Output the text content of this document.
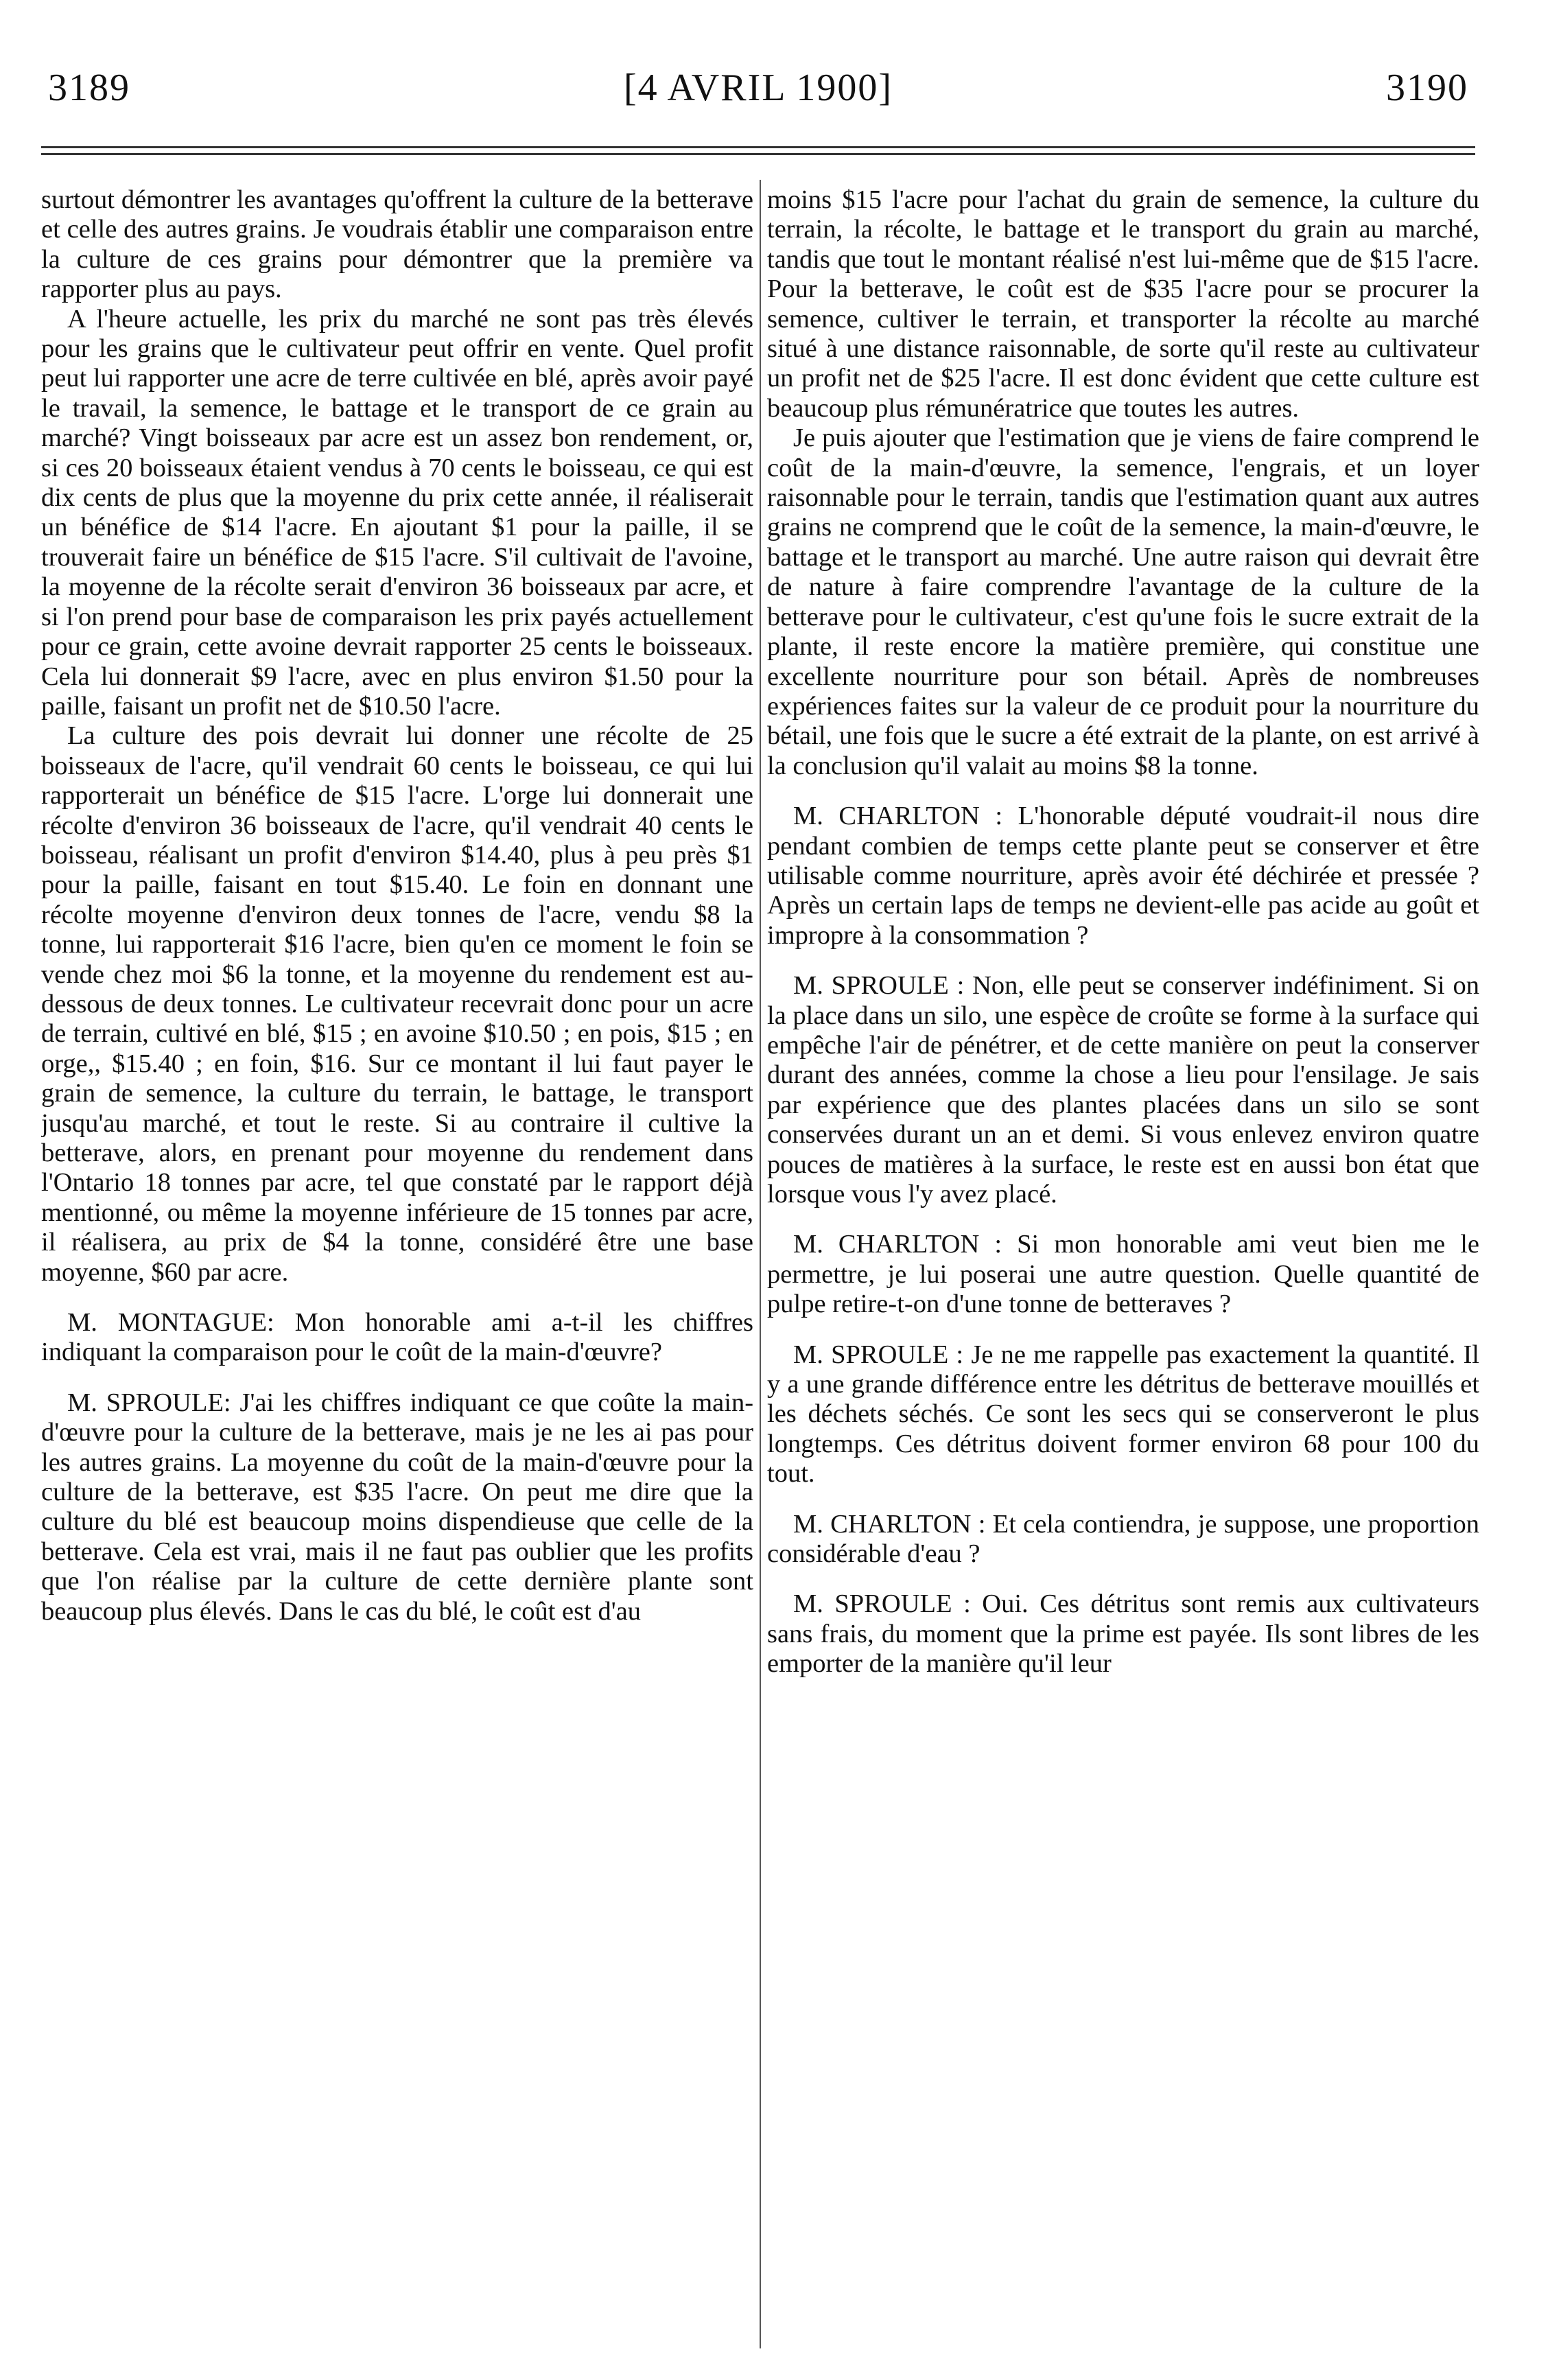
3189	[4 AVRIL 1900]	3190

surtout démontrer les avantages qu'offrent la culture de la betterave et celle des autres grains. Je voudrais établir une comparaison entre la culture de ces grains pour démontrer que la première va rapporter plus au pays.

A l'heure actuelle, les prix du marché ne sont pas très élevés pour les grains que le cultivateur peut offrir en vente. Quel profit peut lui rapporter une acre de terre cultivée en blé, après avoir payé le travail, la semence, le battage et le transport de ce grain au marché? Vingt boisseaux par acre est un assez bon rendement, or, si ces 20 boisseaux étaient vendus à 70 cents le boisseau, ce qui est dix cents de plus que la moyenne du prix cette année, il réaliserait un bénéfice de $14 l'acre. En ajoutant $1 pour la paille, il se trouverait faire un bénéfice de $15 l'acre. S'il cultivait de l'avoine, la moyenne de la récolte serait d'environ 36 boisseaux par acre, et si l'on prend pour base de comparaison les prix payés actuellement pour ce grain, cette avoine devrait rapporter 25 cents le boisseaux. Cela lui donnerait $9 l'acre, avec en plus environ $1.50 pour la paille, faisant un profit net de $10.50 l'acre.

La culture des pois devrait lui donner une récolte de 25 boisseaux de l'acre, qu'il vendrait 60 cents le boisseau, ce qui lui rapporterait un bénéfice de $15 l'acre. L'orge lui donnerait une récolte d'environ 36 boisseaux de l'acre, qu'il vendrait 40 cents le boisseau, réalisant un profit d'environ $14.40, plus à peu près $1 pour la paille, faisant en tout $15.40. Le foin en donnant une récolte moyenne d'environ deux tonnes de l'acre, vendu $8 la tonne, lui rapporterait $16 l'acre, bien qu'en ce moment le foin se vende chez moi $6 la tonne, et la moyenne du rendement est au-dessous de deux tonnes. Le cultivateur recevrait donc pour un acre de terrain, cultivé en blé, $15 ; en avoine $10.50 ; en pois, $15 ; en orge,, $15.40 ; en foin, $16. Sur ce montant il lui faut payer le grain de semence, la culture du terrain, le battage, le transport jusqu'au marché, et tout le reste. Si au contraire il cultive la betterave, alors, en prenant pour moyenne du rendement dans l'Ontario 18 tonnes par acre, tel que constaté par le rapport déjà mentionné, ou même la moyenne inférieure de 15 tonnes par acre, il réalisera, au prix de $4 la tonne, considéré être une base moyenne, $60 par acre.

M. MONTAGUE: Mon honorable ami a-t-il les chiffres indiquant la comparaison pour le coût de la main-d'œuvre?

M. SPROULE: J'ai les chiffres indiquant ce que coûte la main-d'œuvre pour la culture de la betterave, mais je ne les ai pas pour les autres grains. La moyenne du coût de la main-d'œuvre pour la culture de la betterave, est $35 l'acre. On peut me dire que la culture du blé est beaucoup moins dispendieuse que celle de la betterave. Cela est vrai, mais il ne faut pas oublier que les profits que l'on réalise par la culture de cette dernière plante sont beaucoup plus élevés. Dans le cas du blé, le coût est d'au

moins $15 l'acre pour l'achat du grain de semence, la culture du terrain, la récolte, le battage et le transport du grain au marché, tandis que tout le montant réalisé n'est lui-même que de $15 l'acre. Pour la betterave, le coût est de $35 l'acre pour se procurer la semence, cultiver le terrain, et transporter la récolte au marché situé à une distance raisonnable, de sorte qu'il reste au cultivateur un profit net de $25 l'acre. Il est donc évident que cette culture est beaucoup plus rémunératrice que toutes les autres.

Je puis ajouter que l'estimation que je viens de faire comprend le coût de la main-d'œuvre, la semence, l'engrais, et un loyer raisonnable pour le terrain, tandis que l'estimation quant aux autres grains ne comprend que le coût de la semence, la main-d'œuvre, le battage et le transport au marché. Une autre raison qui devrait être de nature à faire comprendre l'avantage de la culture de la betterave pour le cultivateur, c'est qu'une fois le sucre extrait de la plante, il reste encore la matière première, qui constitue une excellente nourriture pour son bétail. Après de nombreuses expériences faites sur la valeur de ce produit pour la nourriture du bétail, une fois que le sucre a été extrait de la plante, on est arrivé à la conclusion qu'il valait au moins $8 la tonne.

M. CHARLTON : L'honorable député voudrait-il nous dire pendant combien de temps cette plante peut se conserver et être utilisable comme nourriture, après avoir été déchirée et pressée ? Après un certain laps de temps ne devient-elle pas acide au goût et impropre à la consommation ?

M. SPROULE : Non, elle peut se conserver indéfiniment. Si on la place dans un silo, une espèce de croûte se forme à la surface qui empêche l'air de pénétrer, et de cette manière on peut la conserver durant des années, comme la chose a lieu pour l'ensilage. Je sais par expérience que des plantes placées dans un silo se sont conservées durant un an et demi. Si vous enlevez environ quatre pouces de matières à la surface, le reste est en aussi bon état que lorsque vous l'y avez placé.

M. CHARLTON : Si mon honorable ami veut bien me le permettre, je lui poserai une autre question. Quelle quantité de pulpe retire-t-on d'une tonne de betteraves ?

M. SPROULE : Je ne me rappelle pas exactement la quantité. Il y a une grande différence entre les détritus de betterave mouillés et les déchets séchés. Ce sont les secs qui se conserveront le plus longtemps. Ces détritus doivent former environ 68 pour 100 du tout.

M. CHARLTON : Et cela contiendra, je suppose, une proportion considérable d'eau ?

M. SPROULE : Oui. Ces détritus sont remis aux cultivateurs sans frais, du moment que la prime est payée. Ils sont libres de les emporter de la manière qu'il leur
